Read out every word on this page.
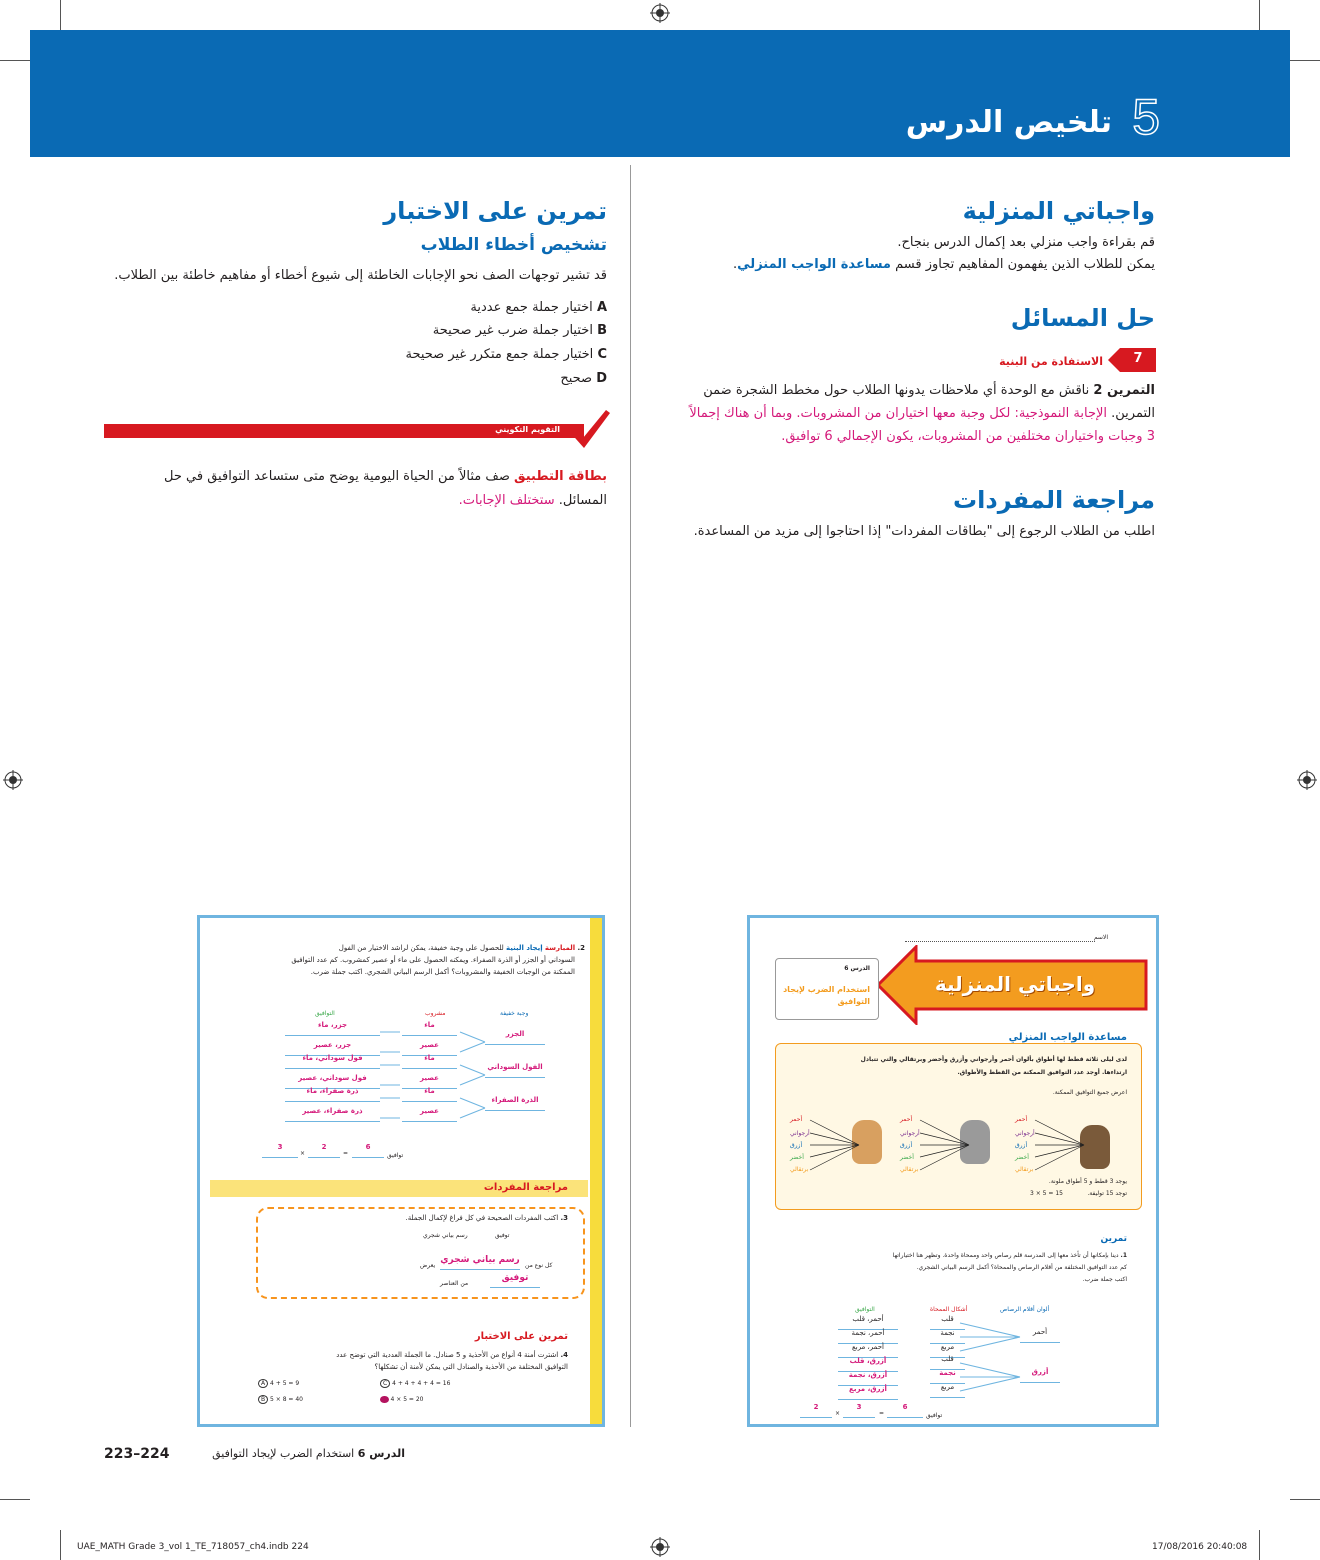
5
تلخيص الدرس
واجباتي المنزلية
قم بقراءة واجب منزلي بعد إكمال الدرس بنجاح.
يمكن للطلاب الذين يفهمون المفاهيم تجاوز قسم مساعدة الواجب المنزلي.
حل المسائل
7
الاستفادة من البنية
التمرين 2 ناقش مع الوحدة أي ملاحظات يدونها الطلاب حول مخطط الشجرة ضمن
التمرين. الإجابة النموذجية: لكل وجبة معها اختياران من المشروبات. وبما أن هناك إجمالاً
3 وجبات واختياران مختلفين من المشروبات، يكون الإجمالي 6 توافيق.
مراجعة المفردات
اطلب من الطلاب الرجوع إلى "بطاقات المفردات" إذا احتاجوا إلى مزيد من المساعدة.
تمرين على الاختبار
تشخيص أخطاء الطلاب
قد تشير توجهات الصف نحو الإجابات الخاطئة إلى شيوع أخطاء أو مفاهيم خاطئة بين الطلاب.
A اختيار جملة جمع عددية
B اختيار جملة ضرب غير صحيحة
C اختيار جملة جمع متكرر غير صحيحة
D صحيح
التقويم التكويني
بطاقة التطبيق صف مثالاً من الحياة اليومية يوضح متى ستساعد التوافيق في حل
المسائل. ستختلف الإجابات.
2. المبارسة إيجاد البنية للحصول على وجبة خفيفة، يمكن لراشد الاختيار من الفول
السوداني أو الجزر أو الذرة الصفراء. ويمكنه الحصول على ماء أو عصير كمشروب. كم عدد التوافيق
الممكنة من الوجبات الخفيفة والمشروبات؟ أكمل الرسم البياني الشجري. اكتب جملة ضرب.
وجبة خفيفة
مشروب
التوافيق
الجزر
الفول السوداني
الذرة الصفراء
ماء
عصير
ماء
عصير
ماء
عصير
جزر، ماء
جزر، عصير
فول سوداني، ماء
فول سوداني، عصير
ذرة صفراء، ماء
ذرة صفراء، عصير
3
×
2
=
6
توافيق
مراجعة المفردات
3. اكتب المفردات الصحيحة في كل فراغ لإكمال الجملة.
توفيق
رسم بياني شجري
كل نوع من
رسم بياني شجري
يعرض
توفيق
من العناصر
تمرين على الاختبار
4. اشترت أمنة 4 أنواع من الأحذية و 5 صنادل. ما الجملة العددية التي توضح عدد
التوافيق المختلفة من الأحذية والصنادل التي يمكن لأمنة أن تشكلها؟
A 4 + 5 = 9	C 4 + 4 + 4 + 4 = 16
B 5 × 8 = 40	D 4 × 5 = 20
الاسم
واجباتي المنزلية
الدرس 6
استخدام الضرب لإيجاد التوافيق
مساعدة الواجب المنزلي
لدى ليلى ثلاثة قطط لها أطواق بألوان أحمر وأرجواني وأزرق وأخضر وبرتقالي والتي تتبادل
ارتداءها. أوجد عدد التوافيق الممكنة من القطط والأطواق.
اعرض جميع التوافيق الممكنة.
أحمر
أرجواني
أزرق
أخضر
برتقالي
أحمر
أرجواني
أزرق
أخضر
برتقالي
أحمر
أرجواني
أزرق
أخضر
برتقالي
يوجد 3 قطط و 5 أطواق ملونة.
توجد 15 توليفة.
3 × 5 = 15
تمرين
1. دينا بإمكانها أن تأخذ معها إلى المدرسة قلم رصاص واحد وممحاة واحدة. وتظهر هنا اختياراتها
كم عدد التوافيق المختلفة من أقلام الرصاص والممحاة؟ أكمل الرسم البياني الشجري.
اكتب جملة ضرب.
ألوان أقلام الرصاص
أشكال الممحاة
التوافيق
أحمر
أزرق
قلب
نجمة
مربع
قلب
نجمة
مربع
أحمر، قلب
أحمر، نجمة
أحمر، مربع
أزرق، قلب
أزرق، نجمة
أزرق، مربع
2
×
3
=
6
توافيق
223–224	الدرس 6 استخدام الضرب لإيجاد التوافيق
UAE_MATH Grade 3_vol 1_TE_718057_ch4.indb 224	17/08/2016 20:40:08
